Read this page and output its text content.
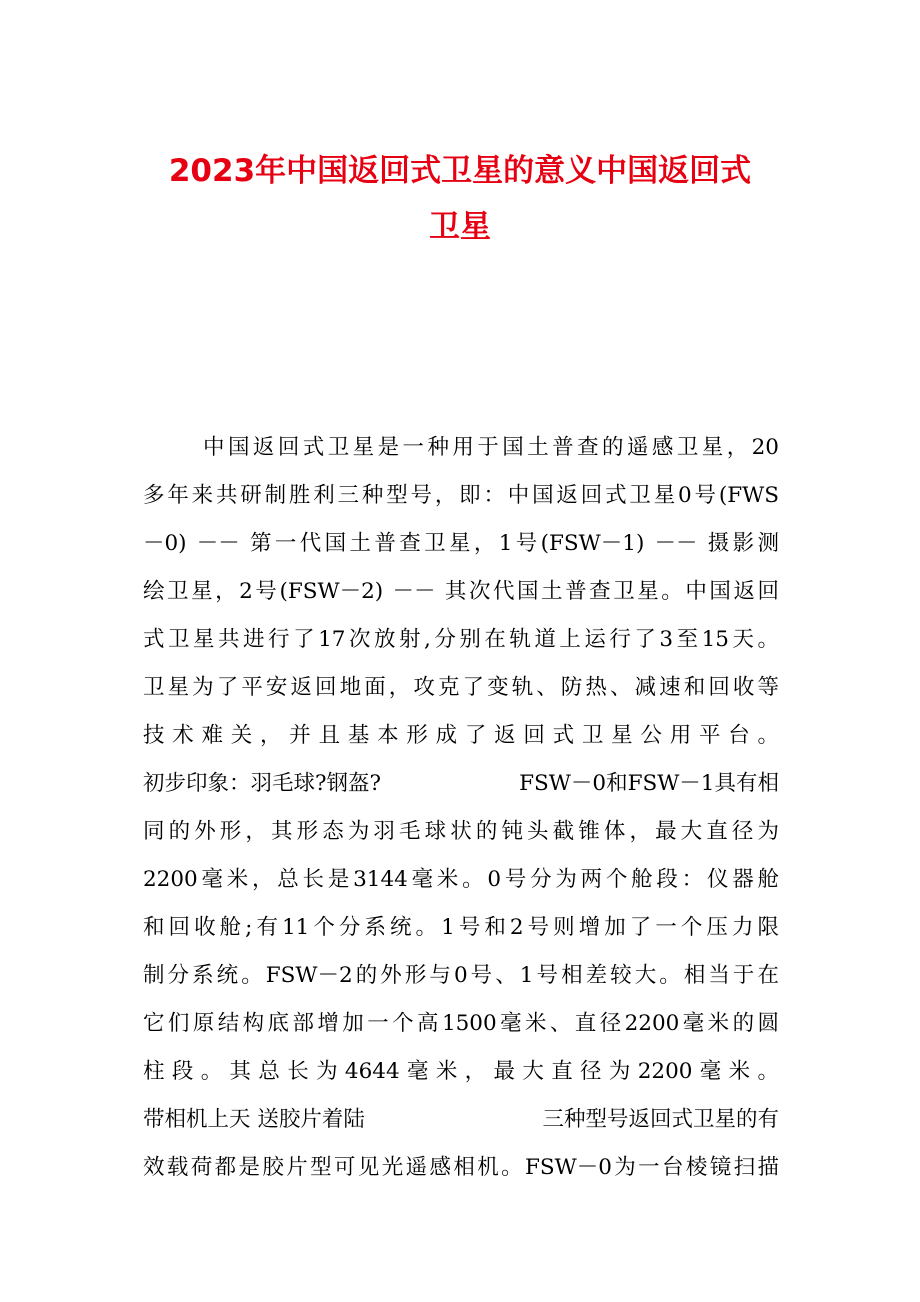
2023年中国返回式卫星的意义中国返回式
卫星
中国返回式卫星是一种用于国土普查的遥感卫星，20
多年来共研制胜利三种型号，即：中国返回式卫星0号(FWS
－0) －－ 第一代国土普查卫星，1号(FSW－1) －－ 摄影测
绘卫星，2号(FSW－2) －－ 其次代国土普查卫星。中国返回
式卫星共进行了17次放射,分别在轨道上运行了3至15天。
卫星为了平安返回地面，攻克了变轨、防热、减速和回收等
技术难关，并且基本形成了返回式卫星公用平台。
初步印象：羽毛球?钢盔?	FSW－0和FSW－1具有相
同的外形，其形态为羽毛球状的钝头截锥体，最大直径为
2200毫米，总长是3144毫米。0号分为两个舱段：仪器舱
和回收舱;有11个分系统。1号和2号则增加了一个压力限
制分系统。FSW－2的外形与0号、1号相差较大。相当于在
它们原结构底部增加一个高1500毫米、直径2200毫米的圆
柱段。其总长为4644毫米，最大直径为2200毫米。
带相机上天 送胶片着陆	三种型号返回式卫星的有
效载荷都是胶片型可见光遥感相机。FSW－0为一台棱镜扫描
